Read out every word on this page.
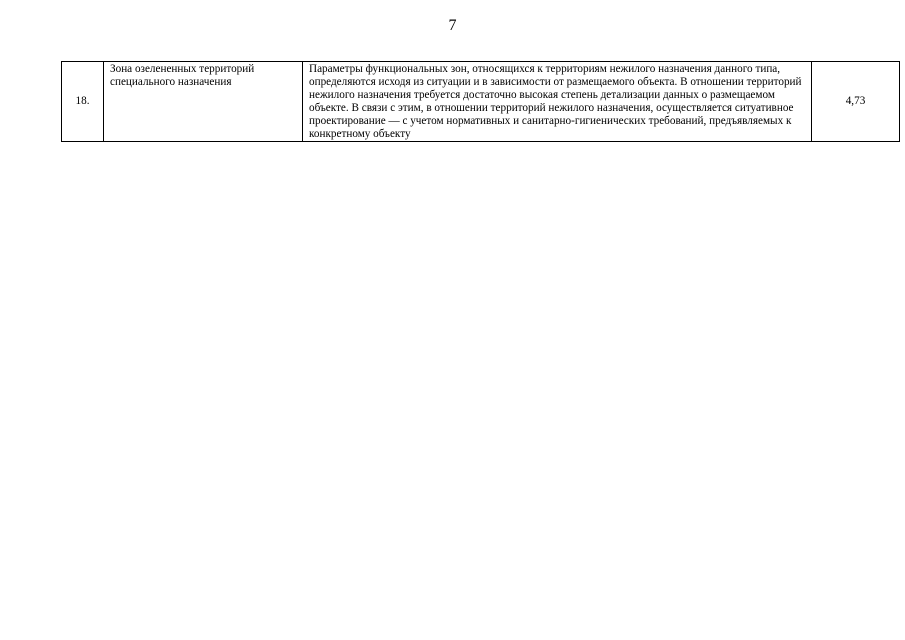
7
18.	Зона озелененных территорий специального назначения	Параметры функциональных зон, относящихся к территориям нежилого назначения данного типа, определяются исходя из ситуации и в зависимости от размещаемого объекта. В отношении территорий нежилого назначения требуется достаточно высокая степень детализации данных о размещаемом объекте. В связи с этим, в отношении территорий нежилого назначения, осуществляется ситуативное проектирование — с учетом нормативных и санитарно-гигиенических требований, предъявляемых к конкретному объекту	4,73
